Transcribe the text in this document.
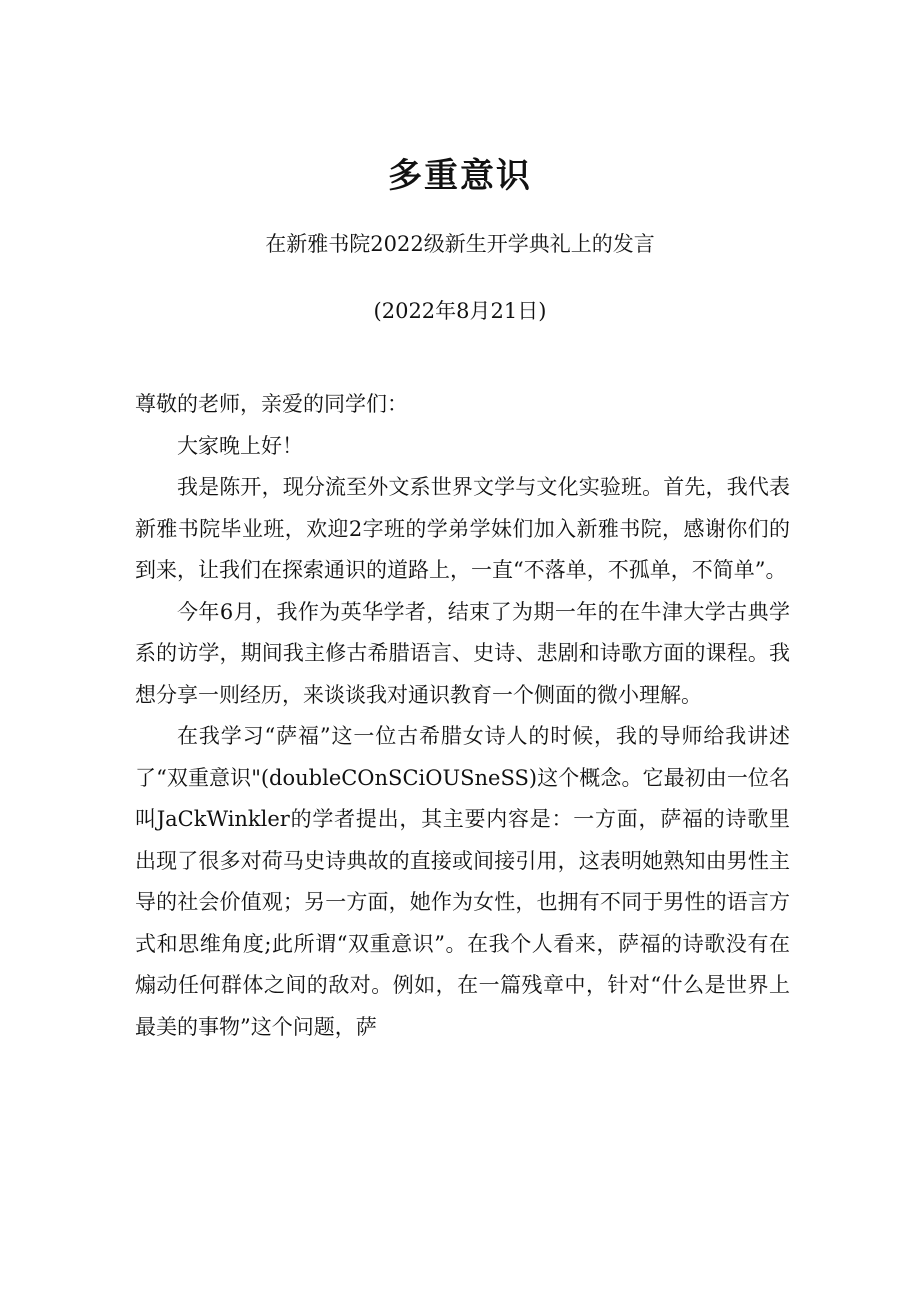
多重意识
在新雅书院2022级新生开学典礼上的发言
(2022年8月21日)

尊敬的老师，亲爱的同学们：

大家晚上好！

我是陈开，现分流至外文系世界文学与文化实验班。首先，我代表新雅书院毕业班，欢迎2字班的学弟学妹们加入新雅书院，感谢你们的到来，让我们在探索通识的道路上，一直“不落单，不孤单，不简单”。

今年6月，我作为英华学者，结束了为期一年的在牛津大学古典学系的访学，期间我主修古希腊语言、史诗、悲剧和诗歌方面的课程。我想分享一则经历，来谈谈我对通识教育一个侧面的微小理解。

在我学习“萨福”这一位古希腊女诗人的时候，我的导师给我讲述了“双重意识"(doubleCOnSCiOUSneSS)这个概念。它最初由一位名叫JaCkWinkler的学者提出，其主要内容是：一方面，萨福的诗歌里出现了很多对荷马史诗典故的直接或间接引用，这表明她熟知由男性主导的社会价值观；另一方面，她作为女性，也拥有不同于男性的语言方式和思维角度;此所谓“双重意识”。在我个人看来，萨福的诗歌没有在煽动任何群体之间的敌对。例如，在一篇残章中，针对“什么是世界上最美的事物”这个问题，萨
